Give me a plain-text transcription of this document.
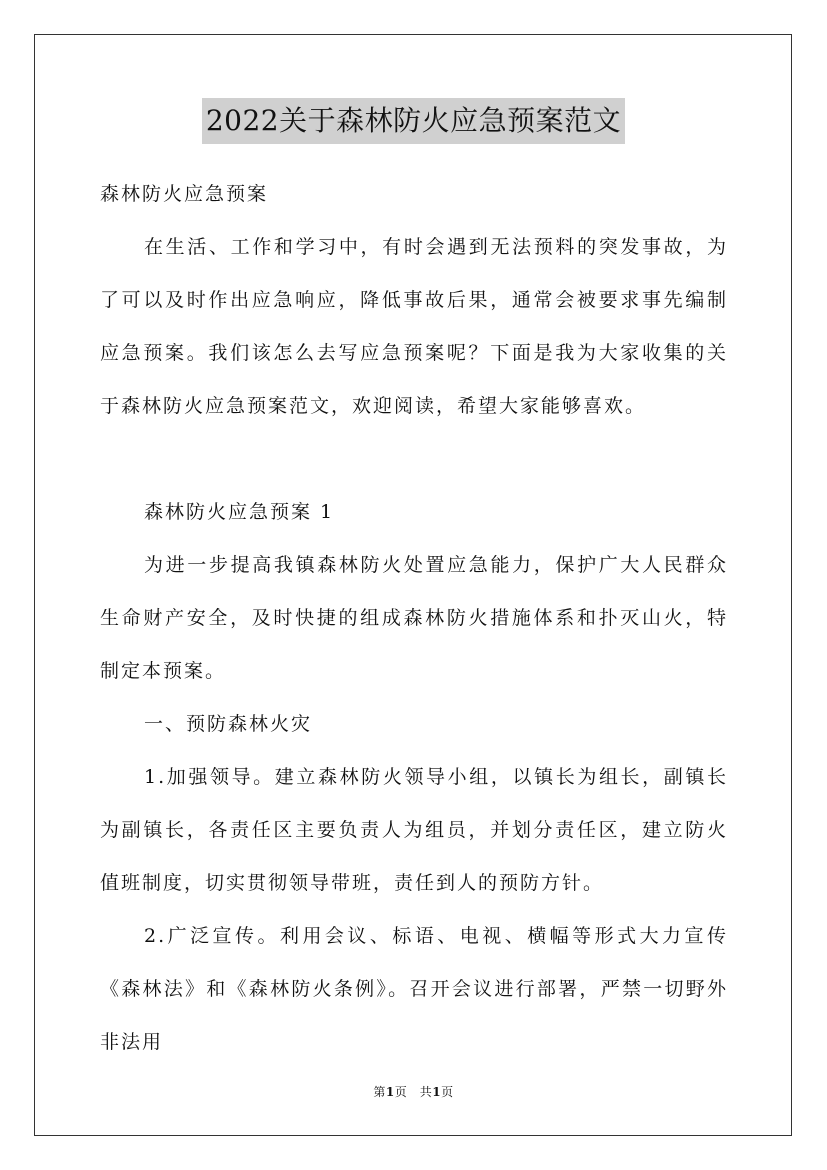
2022关于森林防火应急预案范文

森林防火应急预案

在生活、工作和学习中，有时会遇到无法预料的突发事故，为了可以及时作出应急响应，降低事故后果，通常会被要求事先编制应急预案。我们该怎么去写应急预案呢？下面是我为大家收集的关于森林防火应急预案范文，欢迎阅读，希望大家能够喜欢。

森林防火应急预案 1

为进一步提高我镇森林防火处置应急能力，保护广大人民群众生命财产安全，及时快捷的组成森林防火措施体系和扑灭山火，特制定本预案。

一、预防森林火灾

1.加强领导。建立森林防火领导小组，以镇长为组长，副镇长为副镇长，各责任区主要负责人为组员，并划分责任区，建立防火值班制度，切实贯彻领导带班，责任到人的预防方针。

2.广泛宣传。利用会议、标语、电视、横幅等形式大力宣传《森林法》和《森林防火条例》。召开会议进行部署，严禁一切野外非法用

第1页　共1页
